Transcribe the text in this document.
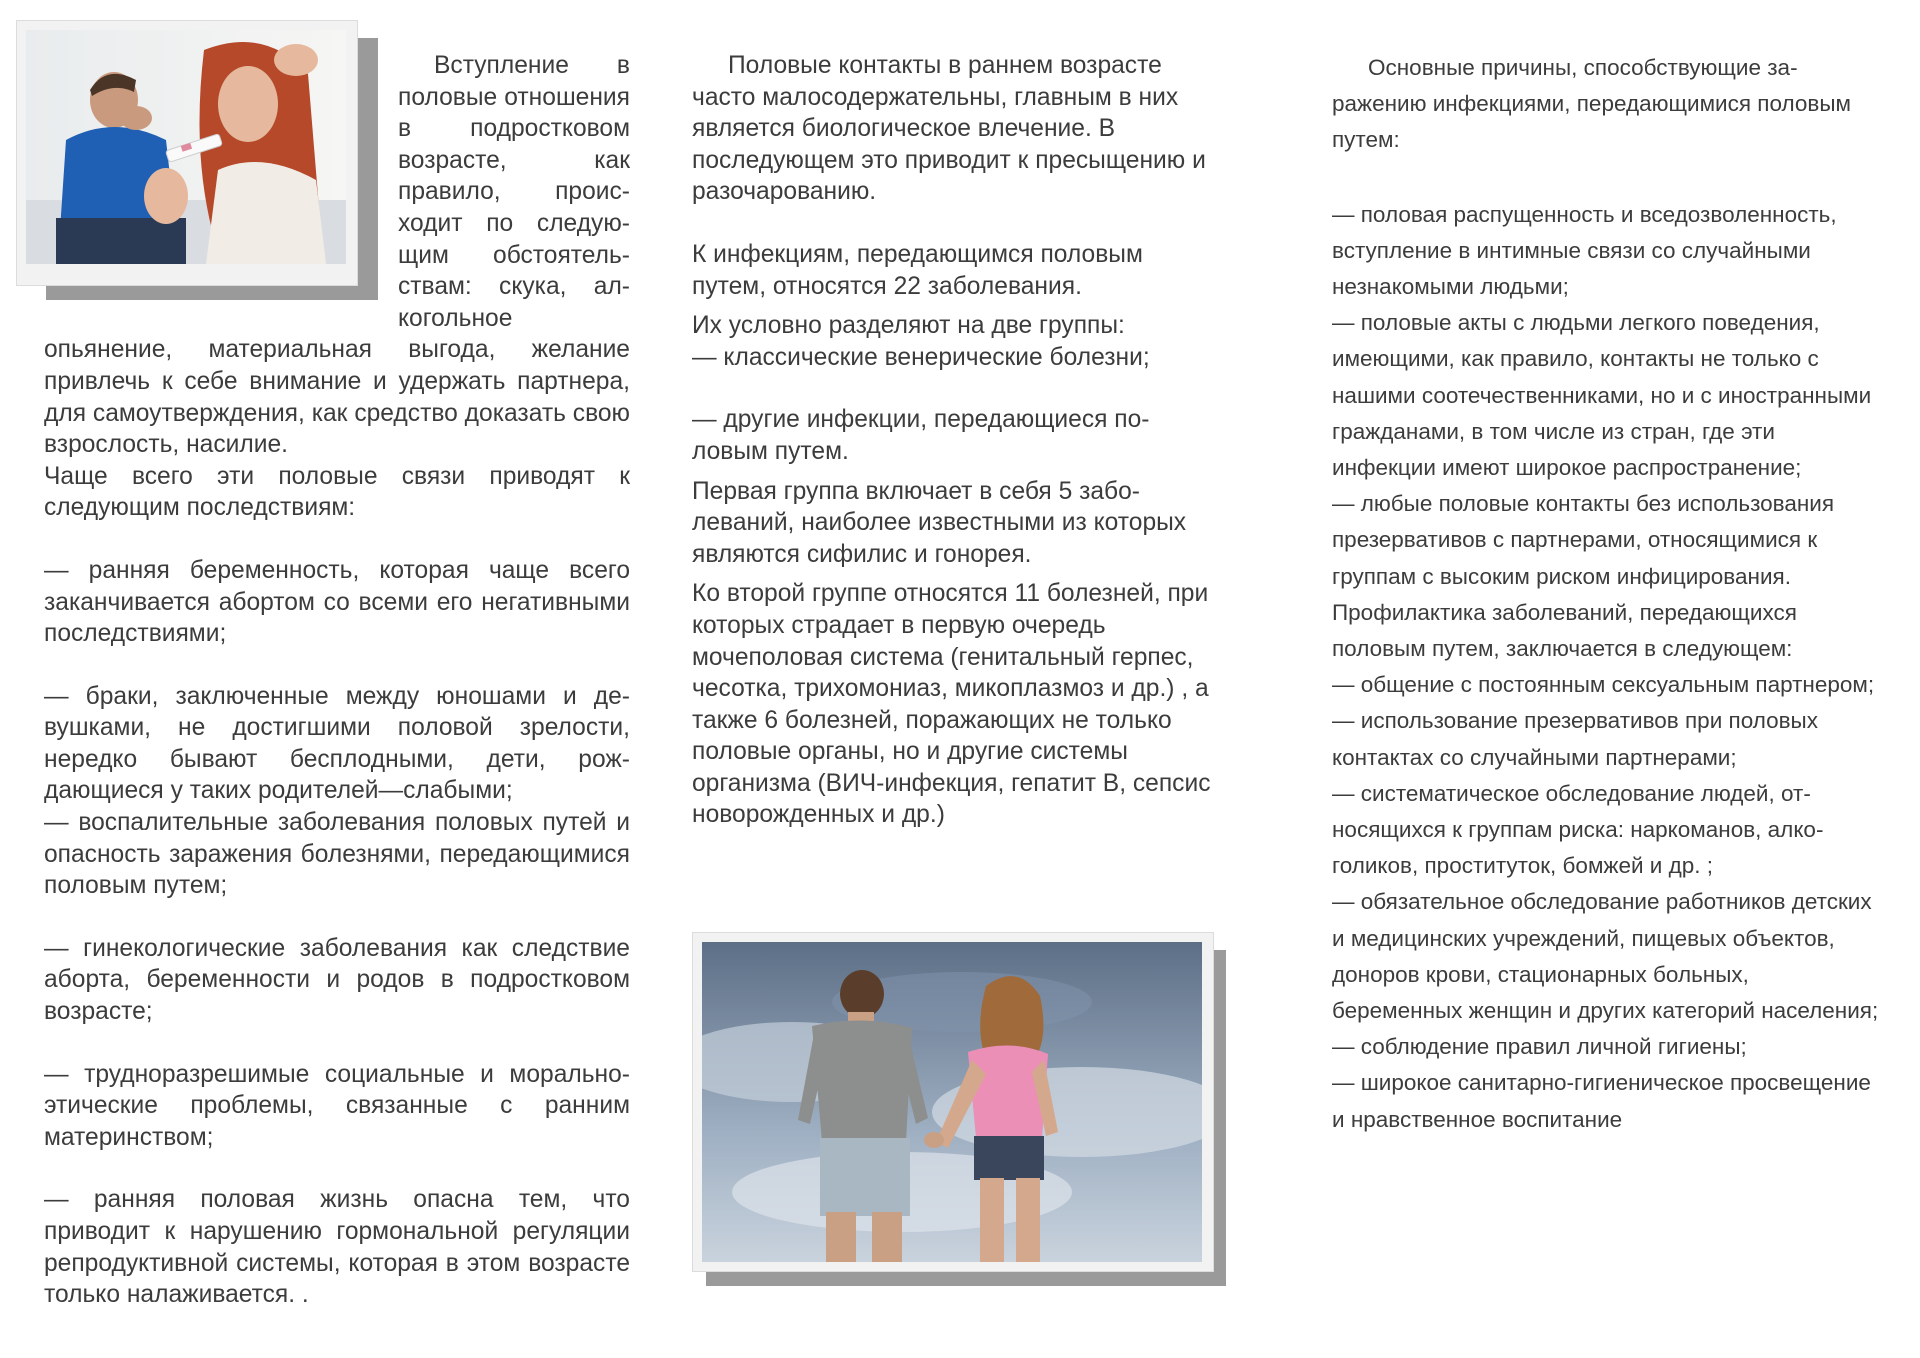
Вступление в половые отношения в подростковом возрасте, как правило, происходит по следующим обстоятельствам: скука, алкогольное опьянение, материальная выгода, желание привлечь к себе внимание и удержать партнера, для самоутверждения, как средство доказать свою взрослость, насилие.

Чаще всего эти половые связи приводят к следующим последствиям:

— ранняя беременность, которая чаще всего заканчивается абортом со всеми его негативными последствиями;

— браки, заключенные между юношами и девушками, не достигшими половой зрелости, нередко бывают бесплодными, дети, рождающиеся у таких родителей—слабыми;

— воспалительные заболевания половых путей и опасность заражения болезнями, передающимися половым путем;

— гинекологические заболевания как следствие аборта, беременности и родов в подростковом возрасте;

— трудноразрешимые социальные и морально-этические проблемы, связанные с ранним материнством;

— ранняя половая жизнь опасна тем, что приводит к нарушению гормональной регуляции репродуктивной системы, которая в этом возрасте только налаживается. .

Половые контакты в раннем возрасте часто малосодержательны, главным в них является биологическое влечение. В последующем это приводит к пресыщению и разочарованию.

К инфекциям, передающимся половым путем, относятся 22 заболевания.

Их условно разделяют на две группы:

— классические венерические болезни;

— другие инфекции, передающиеся половым путем.

Первая группа включает в себя 5 заболеваний, наиболее известными из которых являются сифилис и гонорея.

Ко второй группе относятся 11 болезней, при которых страдает в первую очередь мочеполовая система (генитальный герпес, чесотка, трихомониаз, микоплазмоз и др.) , а также 6 болезней, поражающих не только половые органы, но и другие системы организма (ВИЧ-инфекция, гепатит В, сепсис новорожденных и др.)

Основные причины, способствующие заражению инфекциями, передающимися половым путем:

— половая распущенность и вседозволенность, вступление в интимные связи со случайными незнакомыми людьми;

— половые акты с людьми легкого поведения, имеющими, как правило, контакты не только с нашими соотечественниками, но и с иностранными гражданами, в том числе из стран, где эти инфекции имеют широкое распространение;

— любые половые контакты без использования презервативов с партнерами, относящимися к группам с высоким риском инфицирования.

Профилактика заболеваний, передающихся половым путем, заключается в следующем:

— общение с постоянным сексуальным партнером;

— использование презервативов при половых контактах со случайными партнерами;

— систематическое обследование людей, относящихся к группам риска: наркоманов, алкоголиков, проституток, бомжей и др. ;

— обязательное обследование работников детских и медицинских учреждений, пищевых объектов, доноров крови, стационарных больных, беременных женщин и других категорий населения;

— соблюдение правил личной гигиены;

— широкое санитарно-гигиеническое просвещение и нравственное воспитание
